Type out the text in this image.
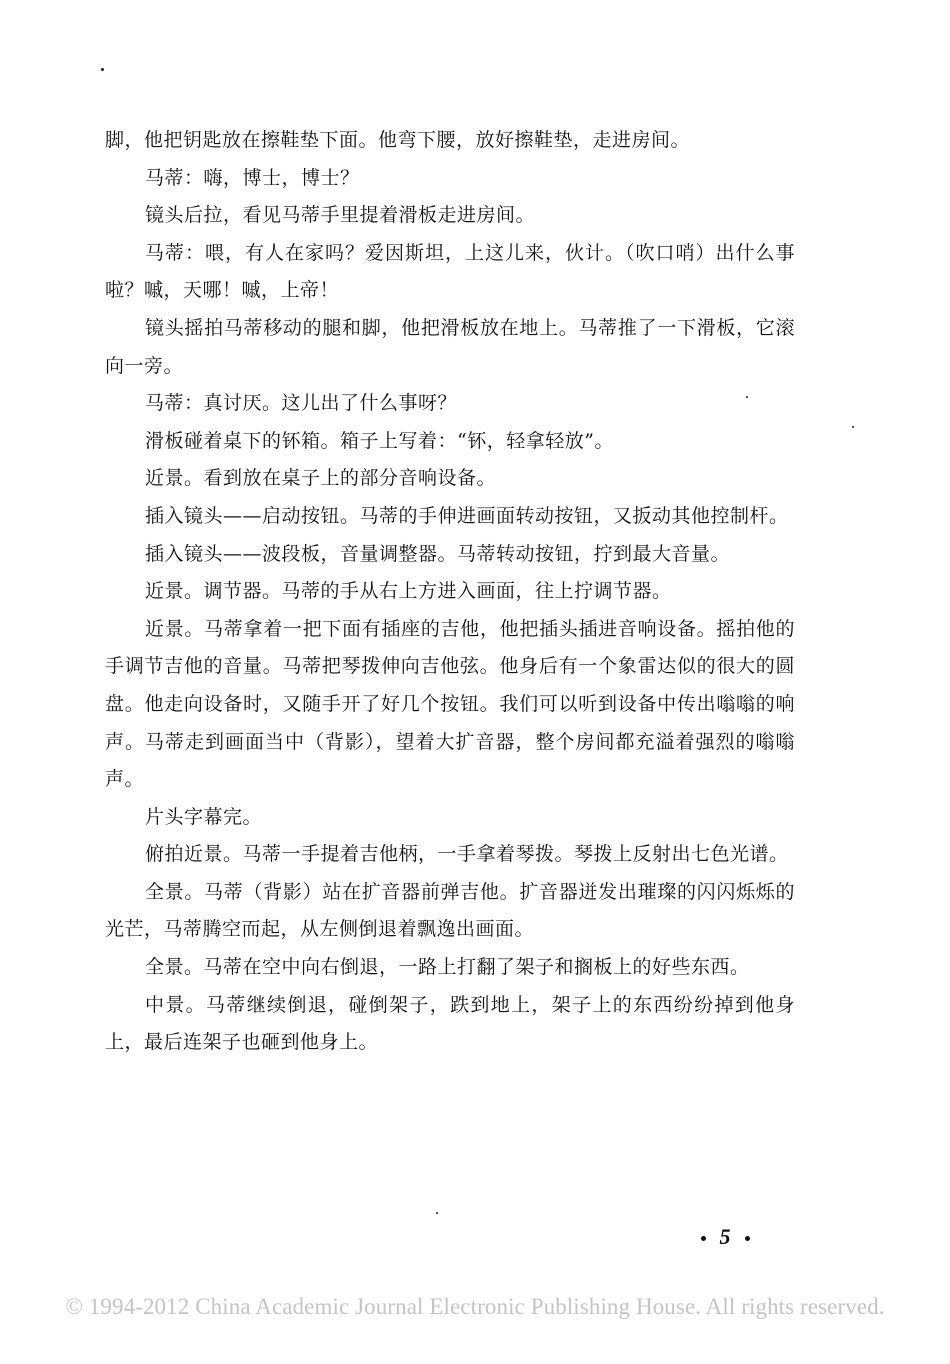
脚，他把钥匙放在擦鞋垫下面。他弯下腰，放好擦鞋垫，走进房间。

马蒂：嗨，博士，博士？

镜头后拉，看见马蒂手里提着滑板走进房间。

马蒂：喂，有人在家吗？爱因斯坦，上这儿来，伙计。（吹口哨）出什么事啦？嘁，天哪！嘁，上帝！

镜头摇拍马蒂移动的腿和脚，他把滑板放在地上。马蒂推了一下滑板，它滚向一旁。

马蒂：真讨厌。这儿出了什么事呀？

滑板碰着桌下的钚箱。箱子上写着：“钚，轻拿轻放”。

近景。看到放在桌子上的部分音响设备。

插入镜头——启动按钮。马蒂的手伸进画面转动按钮，又扳动其他控制杆。

插入镜头——波段板，音量调整器。马蒂转动按钮，拧到最大音量。

近景。调节器。马蒂的手从右上方进入画面，往上拧调节器。

近景。马蒂拿着一把下面有插座的吉他，他把插头插进音响设备。摇拍他的手调节吉他的音量。马蒂把琴拨伸向吉他弦。他身后有一个象雷达似的很大的圆盘。他走向设备时，又随手开了好几个按钮。我们可以听到设备中传出嗡嗡的响声。马蒂走到画面当中（背影），望着大扩音器，整个房间都充溢着强烈的嗡嗡声。

片头字幕完。

俯拍近景。马蒂一手提着吉他柄，一手拿着琴拨。琴拨上反射出七色光谱。

全景。马蒂（背影）站在扩音器前弹吉他。扩音器迸发出璀璨的闪闪烁烁的光芒，马蒂腾空而起，从左侧倒退着飘逸出画面。

全景。马蒂在空中向右倒退，一路上打翻了架子和搁板上的好些东西。

中景。马蒂继续倒退，碰倒架子，跌到地上，架子上的东西纷纷掉到他身上，最后连架子也砸到他身上。

5
© 1994-2012 China Academic Journal Electronic Publishing House. All rights reserved.
